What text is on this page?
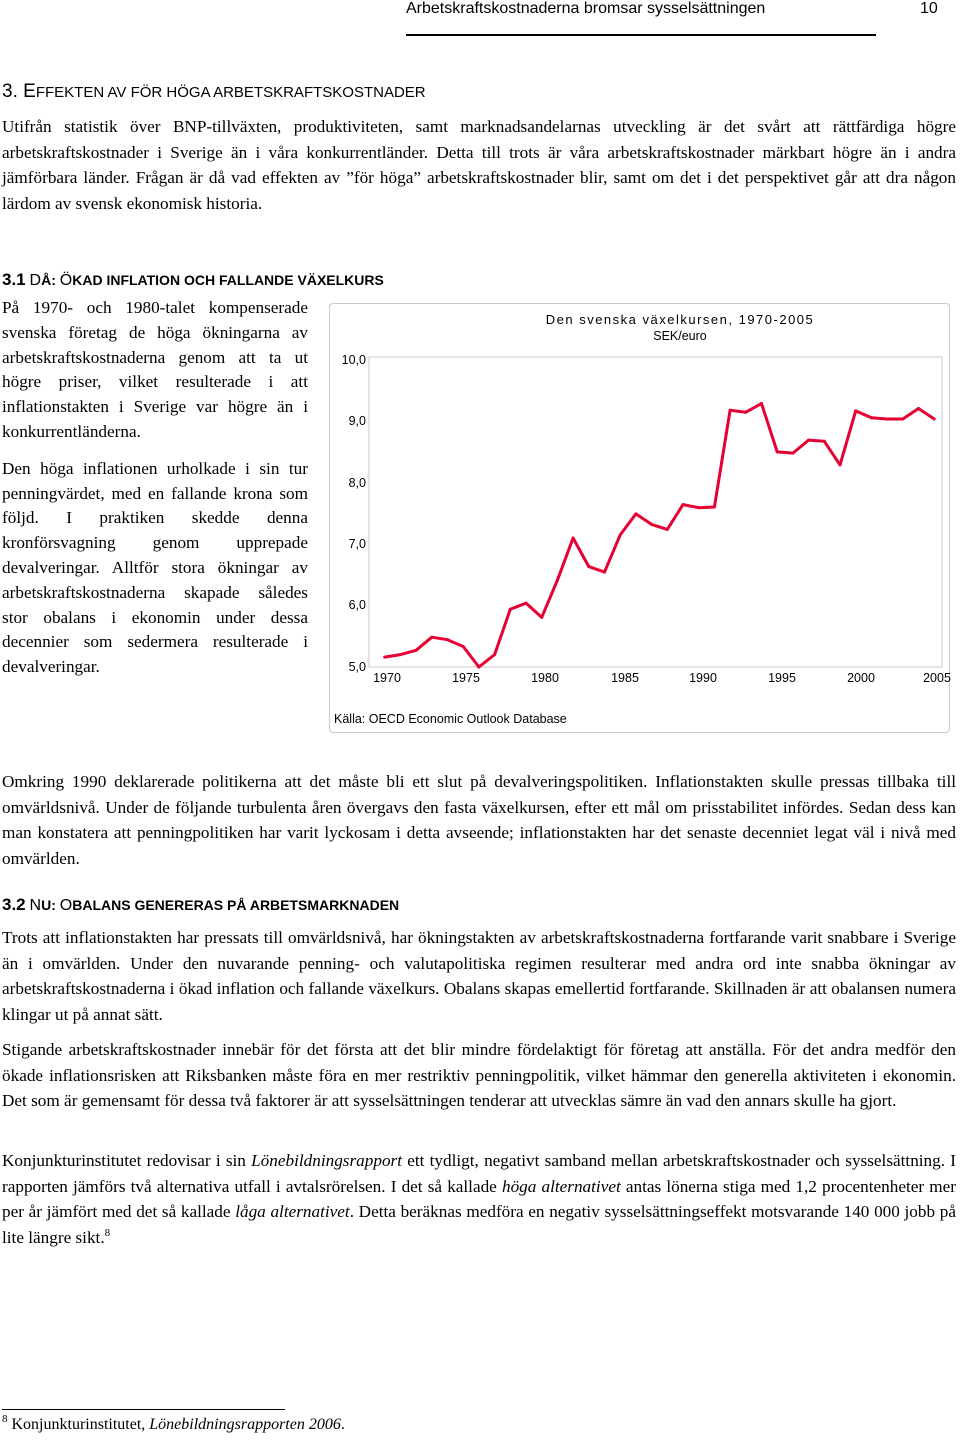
Arbetskraftskostnaderna bromsar sysselsättningen	10
3. EFFEKTEN AV FÖR HÖGA ARBETSKRAFTSKOSTNADER

Utifrån statistik över BNP-tillväxten, produktiviteten, samt marknadsandelarnas utveckling är det svårt att rättfärdiga högre arbetskraftskostnader i Sverige än i våra konkurrentländer. Detta till trots är våra arbetskraftskostnader märkbart högre än i andra jämförbara länder. Frågan är då vad effekten av ”för höga” arbetskraftskostnader blir, samt om det i det perspektivet går att dra någon lärdom av svensk ekonomisk historia.

3.1 DÅ: ÖKAD INFLATION OCH FALLANDE VÄXELKURS

På 1970- och 1980-talet kompenserade svenska företag de höga ökningarna av arbetskraftskostnaderna genom att ta ut högre priser, vilket resulterade i att inflationstakten i Sverige var högre än i konkurrentländerna.

Den höga inflationen urholkade i sin tur penningvärdet, med en fallande krona som följd. I praktiken skedde denna kronförsvagning genom upprepade devalveringar. Alltför stora ökningar av arbetskraftskostnaderna skapade således stor obalans i ekonomin under dessa decennier som sedermera resulterade i devalveringar.

Den svenska växelkursen, 1970-2005
SEK/euro
5,0
6,0
7,0
8,0
9,0
10,0
1970	1975	1980	1985	1990	1995	2000	2005
Källa: OECD Economic Outlook Database

Omkring 1990 deklarerade politikerna att det måste bli ett slut på devalveringspolitiken. Inflationstakten skulle pressas tillbaka till omvärldsnivå. Under de följande turbulenta åren övergavs den fasta växelkursen, efter ett mål om prisstabilitet infördes. Sedan dess kan man konstatera att penningpolitiken har varit lyckosam i detta avseende; inflationstakten har det senaste decenniet legat väl i nivå med omvärlden.

3.2 NU: OBALANS GENERERAS PÅ ARBETSMARKNADEN

Trots att inflationstakten har pressats till omvärldsnivå, har ökningstakten av arbetskraftskostnaderna fortfarande varit snabbare i Sverige än i omvärlden. Under den nuvarande penning- och valutapolitiska regimen resulterar med andra ord inte snabba ökningar av arbetskraftskostnaderna i ökad inflation och fallande växelkurs. Obalans skapas emellertid fortfarande. Skillnaden är att obalansen numera klingar ut på annat sätt.

Stigande arbetskraftskostnader innebär för det första att det blir mindre fördelaktigt för företag att anställa. För det andra medför den ökade inflationsrisken att Riksbanken måste föra en mer restriktiv penningpolitik, vilket hämmar den generella aktiviteten i ekonomin. Det som är gemensamt för dessa två faktorer är att sysselsättningen tenderar att utvecklas sämre än vad den annars skulle ha gjort.

Konjunkturinstitutet redovisar i sin Lönebildningsrapport ett tydligt, negativt samband mellan arbetskraftskostnader och sysselsättning. I rapporten jämförs två alternativa utfall i avtalsrörelsen. I det så kallade höga alternativet antas lönerna stiga med 1,2 procentenheter mer per år jämfört med det så kallade låga alternativet. Detta beräknas medföra en negativ sysselsättningseffekt motsvarande 140 000 jobb på lite längre sikt.$^8$

$^8$ Konjunkturinstitutet, Lönebildningsrapporten 2006.
